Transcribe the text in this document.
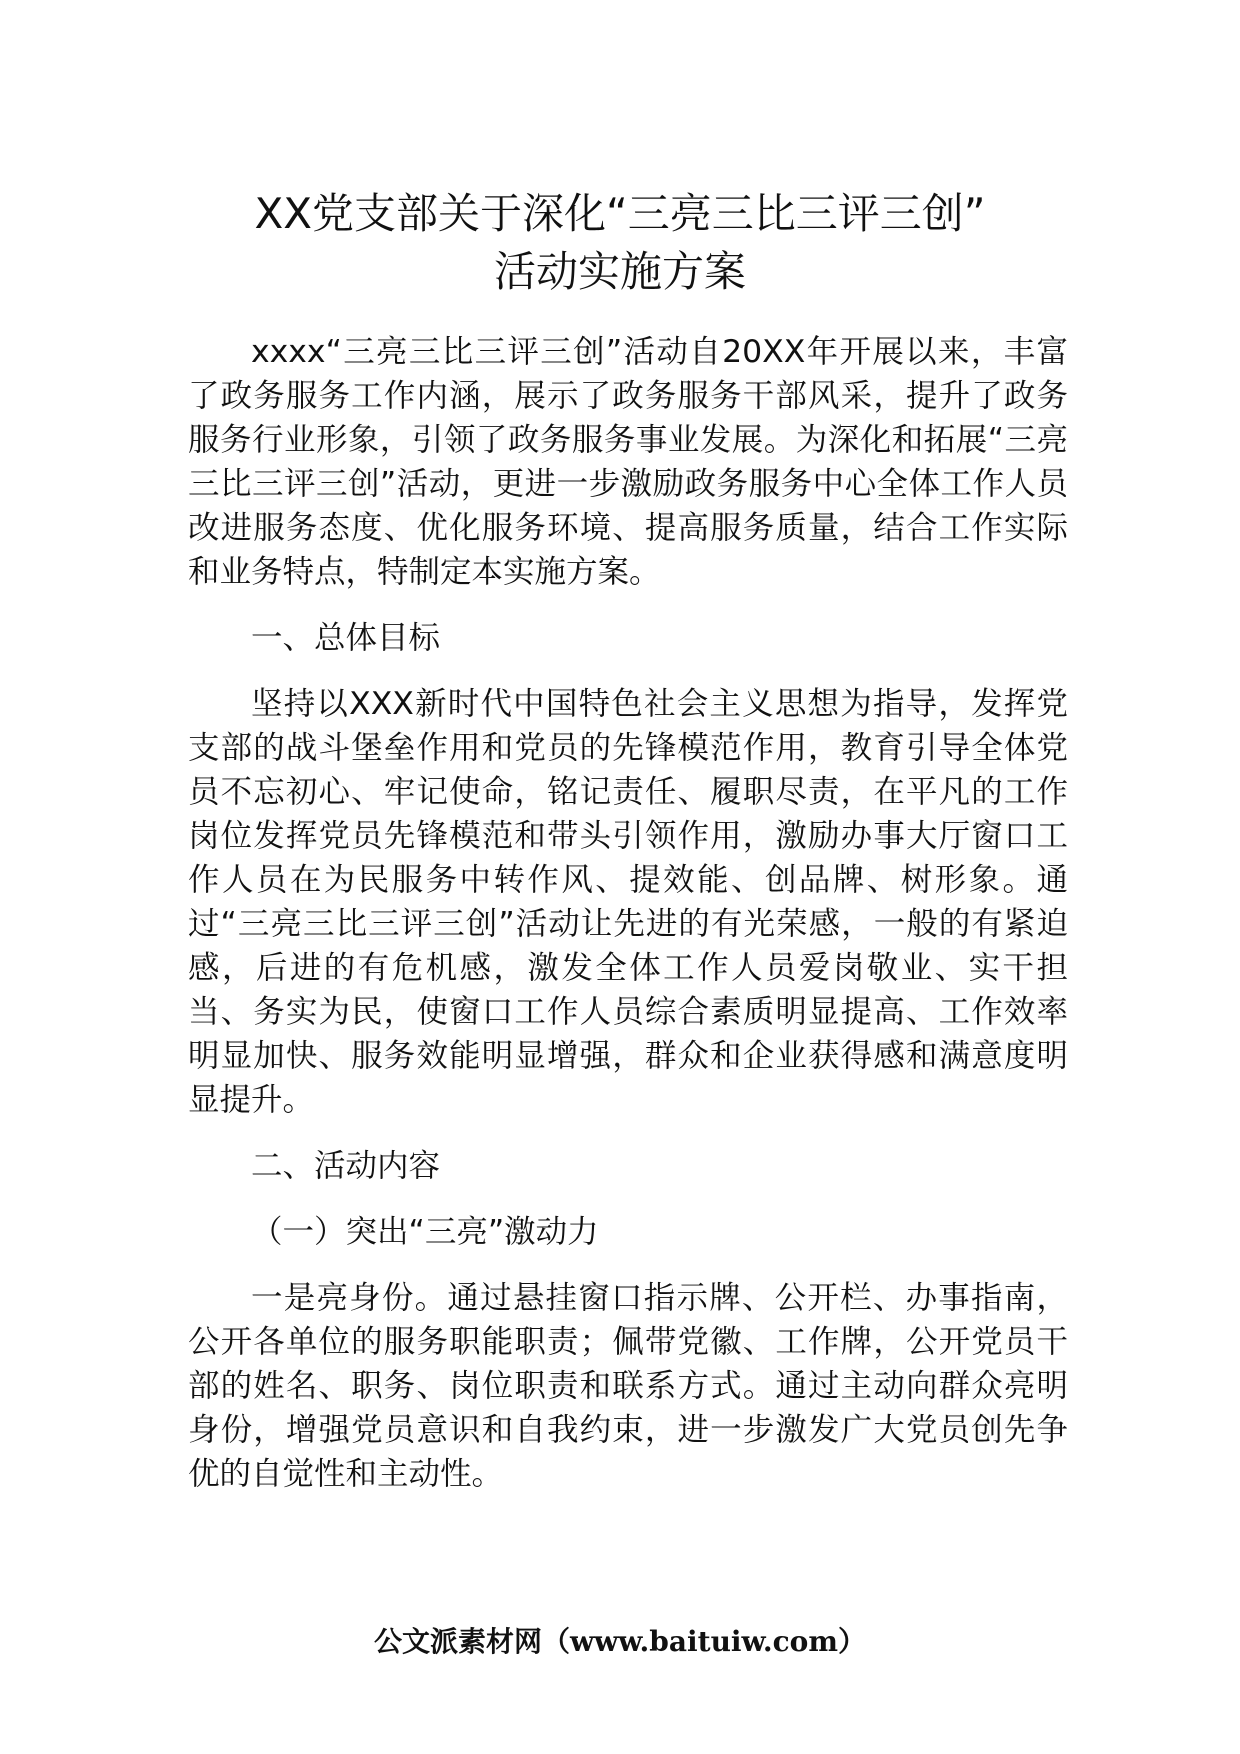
XX党支部关于深化“三亮三比三评三创”
活动实施方案

xxxx“三亮三比三评三创”活动自20XX年开展以来，丰富了政务服务工作内涵，展示了政务服务干部风采，提升了政务服务行业形象，引领了政务服务事业发展。为深化和拓展“三亮三比三评三创”活动，更进一步激励政务服务中心全体工作人员改进服务态度、优化服务环境、提高服务质量，结合工作实际和业务特点，特制定本实施方案。

一、总体目标

坚持以XXX新时代中国特色社会主义思想为指导，发挥党支部的战斗堡垒作用和党员的先锋模范作用，教育引导全体党员不忘初心、牢记使命，铭记责任、履职尽责，在平凡的工作岗位发挥党员先锋模范和带头引领作用，激励办事大厅窗口工作人员在为民服务中转作风、提效能、创品牌、树形象。通过“三亮三比三评三创”活动让先进的有光荣感，一般的有紧迫感，后进的有危机感，激发全体工作人员爱岗敬业、实干担当、务实为民，使窗口工作人员综合素质明显提高、工作效率明显加快、服务效能明显增强，群众和企业获得感和满意度明显提升。

二、活动内容

（一）突出“三亮”激动力

一是亮身份。通过悬挂窗口指示牌、公开栏、办事指南，公开各单位的服务职能职责；佩带党徽、工作牌，公开党员干部的姓名、职务、岗位职责和联系方式。通过主动向群众亮明身份，增强党员意识和自我约束，进一步激发广大党员创先争优的自觉性和主动性。

公文派素材网（www.baituiw.com）
